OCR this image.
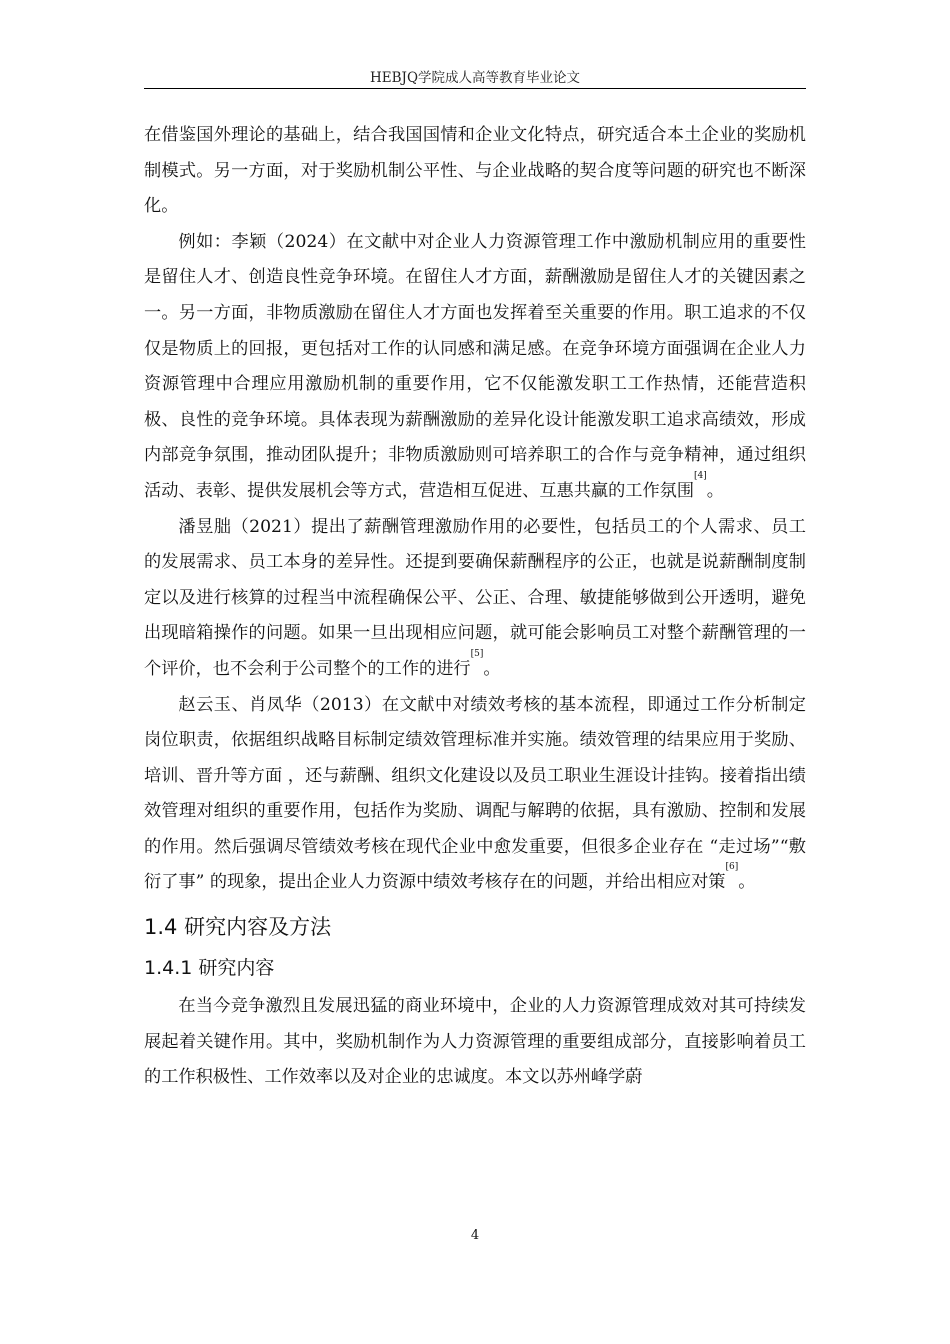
HEBJQ学院成人高等教育毕业论文

在借鉴国外理论的基础上，结合我国国情和企业文化特点，研究适合本土企业的奖励机制模式。另一方面，对于奖励机制公平性、与企业战略的契合度等问题的研究也不断深化。

例如：李颖（2024）在文献中对企业人力资源管理工作中激励机制应用的重要性是留住人才、创造良性竞争环境。在留住人才方面，薪酬激励是留住人才的关键因素之一。另一方面，非物质激励在留住人才方面也发挥着至关重要的作用。职工追求的不仅仅是物质上的回报，更包括对工作的认同感和满足感。在竞争环境方面强调在企业人力资源管理中合理应用激励机制的重要作用，它不仅能激发职工工作热情，还能营造积极、良性的竞争环境。具体表现为薪酬激励的差异化设计能激发职工追求高绩效，形成内部竞争氛围，推动团队提升；非物质激励则可培养职工的合作与竞争精神，通过组织活动、表彰、提供发展机会等方式，营造相互促进、互惠共赢的工作氛围[4]。

潘昱朏（2021）提出了薪酬管理激励作用的必要性，包括员工的个人需求、员工的发展需求、员工本身的差异性。还提到要确保薪酬程序的公正，也就是说薪酬制度制定以及进行核算的过程当中流程确保公平、公正、合理、敏捷能够做到公开透明，避免出现暗箱操作的问题。如果一旦出现相应问题，就可能会影响员工对整个薪酬管理的一个评价，也不会利于公司整个的工作的进行[5]。

赵云玉、肖凤华（2013）在文献中对绩效考核的基本流程，即通过工作分析制定岗位职责，依据组织战略目标制定绩效管理标准并实施。绩效管理的结果应用于奖励、培训、晋升等方面 ，还与薪酬、组织文化建设以及员工职业生涯设计挂钩。接着指出绩效管理对组织的重要作用，包括作为奖励、调配与解聘的依据，具有激励、控制和发展的作用。然后强调尽管绩效考核在现代企业中愈发重要，但很多企业存在 “走过场”“敷衍了事” 的现象，提出企业人力资源中绩效考核存在的问题，并给出相应对策[6]。

1.4 研究内容及方法
1.4.1 研究内容

在当今竞争激烈且发展迅猛的商业环境中，企业的人力资源管理成效对其可持续发展起着关键作用。其中，奖励机制作为人力资源管理的重要组成部分，直接影响着员工的工作积极性、工作效率以及对企业的忠诚度。本文以苏州峰学蔚

4
